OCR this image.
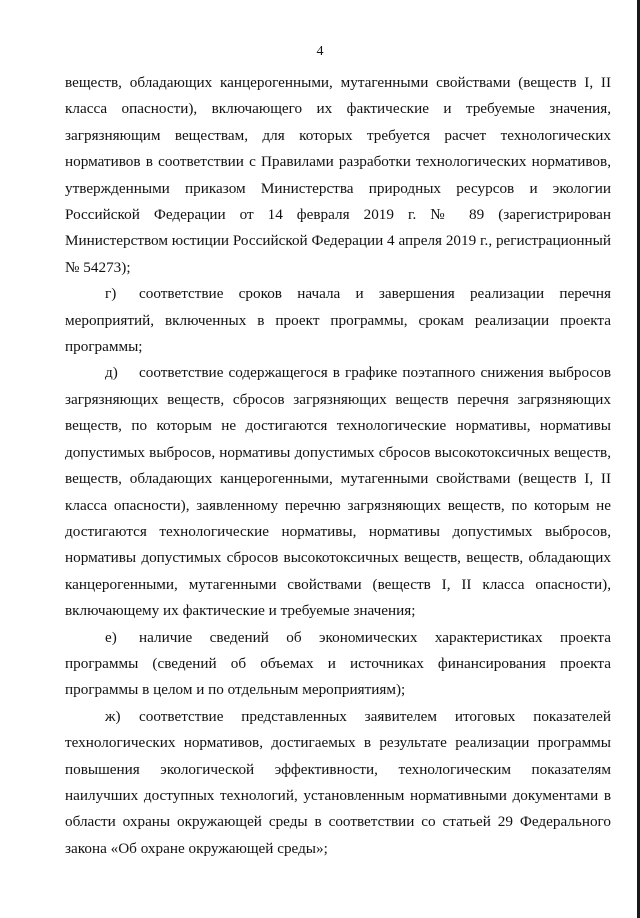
4

веществ, обладающих канцерогенными, мутагенными свойствами (веществ I, II класса опасности), включающего их фактические и требуемые значения, загрязняющим веществам, для которых требуется расчет технологических нормативов в соответствии с Правилами разработки технологических нормативов, утвержденными приказом Министерства природных ресурсов и экологии Российской Федерации от 14 февраля 2019 г. № 89 (зарегистрирован Министерством юстиции Российской Федерации 4 апреля 2019 г., регистрационный № 54273);

г) соответствие сроков начала и завершения реализации перечня мероприятий, включенных в проект программы, срокам реализации проекта программы;

д) соответствие содержащегося в графике поэтапного снижения выбросов загрязняющих веществ, сбросов загрязняющих веществ перечня загрязняющих веществ, по которым не достигаются технологические нормативы, нормативы допустимых выбросов, нормативы допустимых сбросов высокотоксичных веществ, веществ, обладающих канцерогенными, мутагенными свойствами (веществ I, II класса опасности), заявленному перечню загрязняющих веществ, по которым не достигаются технологические нормативы, нормативы допустимых выбросов, нормативы допустимых сбросов высокотоксичных веществ, веществ, обладающих канцерогенными, мутагенными свойствами (веществ I, II класса опасности), включающему их фактические и требуемые значения;

е) наличие сведений об экономических характеристиках проекта программы (сведений об объемах и источниках финансирования проекта программы в целом и по отдельным мероприятиям);

ж) соответствие представленных заявителем итоговых показателей технологических нормативов, достигаемых в результате реализации программы повышения экологической эффективности, технологическим показателям наилучших доступных технологий, установленным нормативными документами в области охраны окружающей среды в соответствии со статьей 29 Федерального закона «Об охране окружающей среды»;
